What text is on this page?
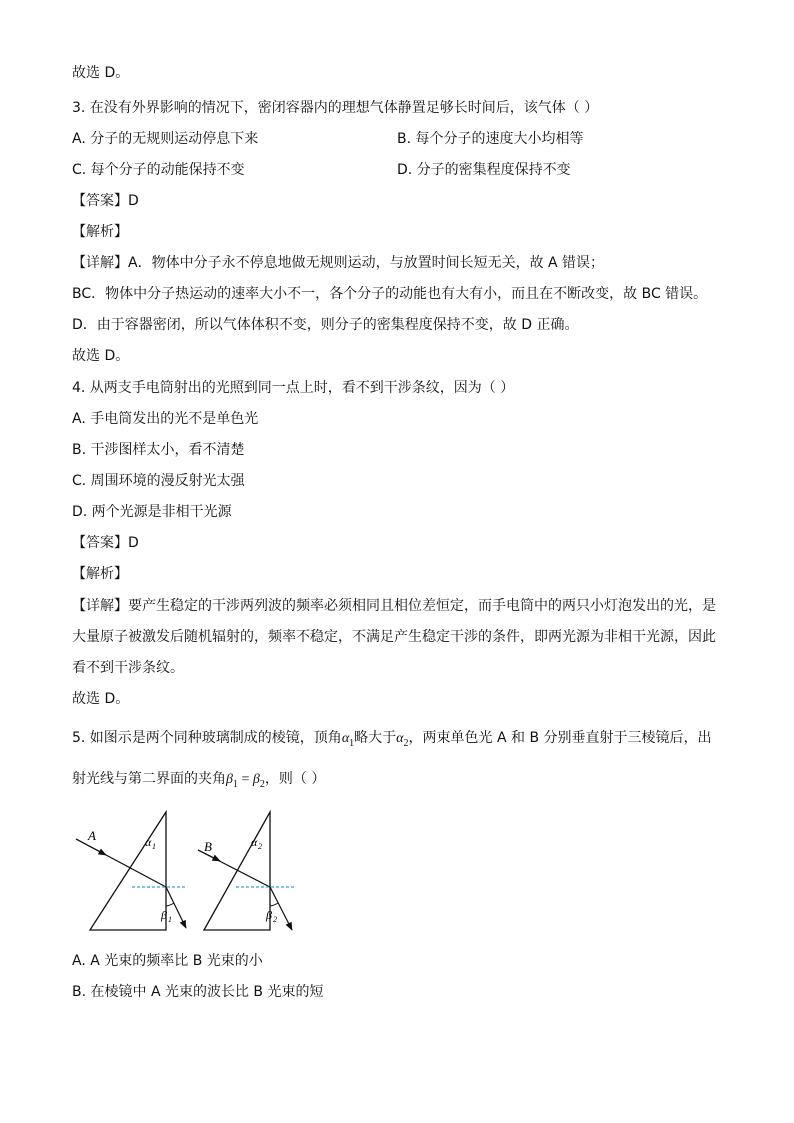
故选 D。
3. 在没有外界影响的情况下，密闭容器内的理想气体静置足够长时间后，该气体（ ）
A. 分子的无规则运动停息下来	B. 每个分子的速度大小均相等
C. 每个分子的动能保持不变	D. 分子的密集程度保持不变
【答案】D
【解析】
【详解】A．物体中分子永不停息地做无规则运动，与放置时间长短无关，故 A 错误；
BC．物体中分子热运动的速率大小不一，各个分子的动能也有大有小，而且在不断改变，故 BC 错误。
D．由于容器密闭，所以气体体积不变，则分子的密集程度保持不变，故 D 正确。
故选 D。
4. 从两支手电筒射出的光照到同一点上时，看不到干涉条纹，因为（ ）
A. 手电筒发出的光不是单色光
B. 干涉图样太小，看不清楚
C. 周围环境的漫反射光太强
D. 两个光源是非相干光源
【答案】D
【解析】
【详解】要产生稳定的干涉两列波的频率必须相同且相位差恒定，而手电筒中的两只小灯泡发出的光，是
大量原子被激发后随机辐射的，频率不稳定，不满足产生稳定干涉的条件，即两光源为非相干光源，因此
看不到干涉条纹。
故选 D。
5. 如图示是两个同种玻璃制成的棱镜，顶角$\alpha_1$略大于$\alpha_2$，两束单色光 A 和 B 分别垂直射于三棱镜后，出
射光线与第二界面的夹角$\beta_1 = \beta_2$，则（ ）
A	α 1
β 1
B	α 2
β 2
A. A 光束的频率比 B 光束的小
B. 在棱镜中 A 光束的波长比 B 光束的短
